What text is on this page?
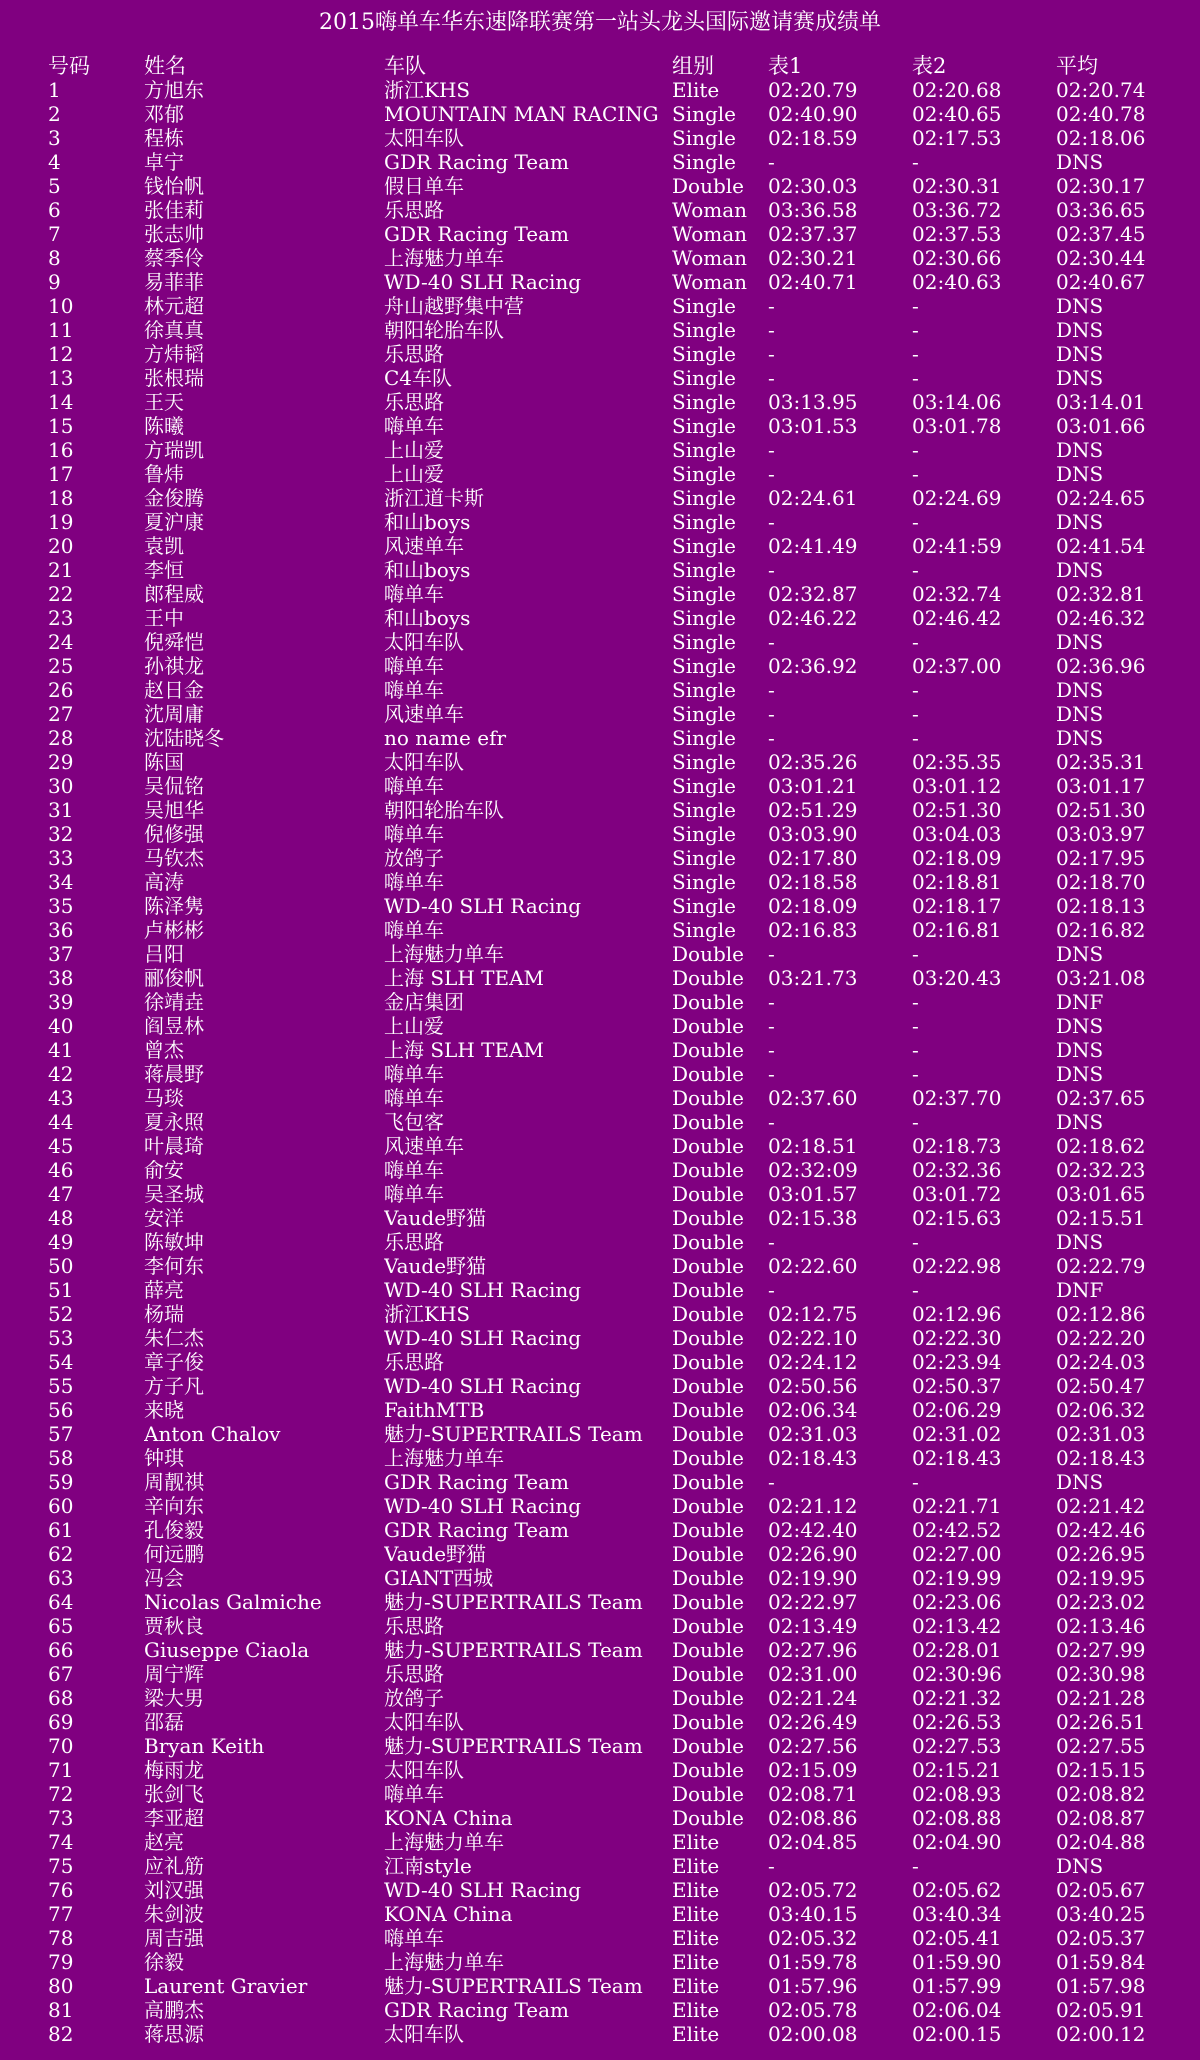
2015嗨单车华东速降联赛第一站头龙头国际邀请赛成绩单
号码	姓名	车队	组别	表1	表2	平均
1	方旭东	浙江KHS	Elite	02:20.79	02:20.68	02:20.74
2	邓郁	MOUNTAIN MAN RACING Single	02:40.90	02:40.65	02:40.78
3	程栋	太阳车队	Single	02:18.59	02:17.53	02:18.06
4	卓宁	GDR Racing Team	Single	-	-	DNS
5	钱怡帆	假日单车	Double	02:30.03	02:30.31	02:30.17
6	张佳莉	乐思路	Woman	03:36.58	03:36.72	03:36.65
7	张志帅	GDR Racing Team	Woman	02:37.37	02:37.53	02:37.45
8	蔡季伶	上海魅力单车	Woman	02:30.21	02:30.66	02:30.44
9	易菲菲	WD-40 SLH Racing	Woman	02:40.71	02:40.63	02:40.67
10	林元超	舟山越野集中营	Single	-	-	DNS
11	徐真真	朝阳轮胎车队	Single	-	-	DNS
12	方炜韬	乐思路	Single	-	-	DNS
13	张根瑞	C4车队	Single	-	-	DNS
14	王天	乐思路	Single	03:13.95	03:14.06	03:14.01
15	陈曦	嗨单车	Single	03:01.53	03:01.78	03:01.66
16	方瑞凯	上山爱	Single	-	-	DNS
17	鲁炜	上山爱	Single	-	-	DNS
18	金俊腾	浙江道卡斯	Single	02:24.61	02:24.69	02:24.65
19	夏沪康	和山boys	Single	-	-	DNS
20	袁凯	风速单车	Single	02:41.49	02:41:59	02:41.54
21	李恒	和山boys	Single	-	-	DNS
22	郎程威	嗨单车	Single	02:32.87	02:32.74	02:32.81
23	王中	和山boys	Single	02:46.22	02:46.42	02:46.32
24	倪舜恺	太阳车队	Single	-	-	DNS
25	孙祺龙	嗨单车	Single	02:36.92	02:37.00	02:36.96
26	赵日金	嗨单车	Single	-	-	DNS
27	沈周庸	风速单车	Single	-	-	DNS
28	沈陆晓冬	no name efr	Single	-	-	DNS
29	陈国	太阳车队	Single	02:35.26	02:35.35	02:35.31
30	吴侃铭	嗨单车	Single	03:01.21	03:01.12	03:01.17
31	吴旭华	朝阳轮胎车队	Single	02:51.29	02:51.30	02:51.30
32	倪修强	嗨单车	Single	03:03.90	03:04.03	03:03.97
33	马钦杰	放鸽子	Single	02:17.80	02:18.09	02:17.95
34	高涛	嗨单车	Single	02:18.58	02:18.81	02:18.70
35	陈泽隽	WD-40 SLH Racing	Single	02:18.09	02:18.17	02:18.13
36	卢彬彬	嗨单车	Single	02:16.83	02:16.81	02:16.82
37	吕阳	上海魅力单车	Double	-	-	DNS
38	郦俊帆	上海 SLH TEAM	Double	03:21.73	03:20.43	03:21.08
39	徐靖垚	金店集团	Double	-	-	DNF
40	阎昱林	上山爱	Double	-	-	DNS
41	曾杰	上海 SLH TEAM	Double	-	-	DNS
42	蒋晨野	嗨单车	Double	-	-	DNS
43	马琰	嗨单车	Double	02:37.60	02:37.70	02:37.65
44	夏永照	飞包客	Double	-	-	DNS
45	叶晨琦	风速单车	Double	02:18.51	02:18.73	02:18.62
46	俞安	嗨单车	Double	02:32:09	02:32.36	02:32.23
47	吴圣城	嗨单车	Double	03:01.57	03:01.72	03:01.65
48	安洋	Vaude野猫	Double	02:15.38	02:15.63	02:15.51
49	陈敏坤	乐思路	Double	-	-	DNS
50	李何东	Vaude野猫	Double	02:22.60	02:22.98	02:22.79
51	薛亮	WD-40 SLH Racing	Double	-	-	DNF
52	杨瑞	浙江KHS	Double	02:12.75	02:12.96	02:12.86
53	朱仁杰	WD-40 SLH Racing	Double	02:22.10	02:22.30	02:22.20
54	章子俊	乐思路	Double	02:24.12	02:23.94	02:24.03
55	方子凡	WD-40 SLH Racing	Double	02:50.56	02:50.37	02:50.47
56	来晓	FaithMTB	Double	02:06.34	02:06.29	02:06.32
57	Anton Chalov	魅力-SUPERTRAILS Team	Double	02:31.03	02:31.02	02:31.03
58	钟琪	上海魅力单车	Double	02:18.43	02:18.43	02:18.43
59	周靓祺	GDR Racing Team	Double	-	-	DNS
60	辛向东	WD-40 SLH Racing	Double	02:21.12	02:21.71	02:21.42
61	孔俊毅	GDR Racing Team	Double	02:42.40	02:42.52	02:42.46
62	何远鹏	Vaude野猫	Double	02:26.90	02:27.00	02:26.95
63	冯会	GIANT西城	Double	02:19.90	02:19.99	02:19.95
64	Nicolas Galmiche	魅力-SUPERTRAILS Team	Double	02:22.97	02:23.06	02:23.02
65	贾秋良	乐思路	Double	02:13.49	02:13.42	02:13.46
66	Giuseppe Ciaola	魅力-SUPERTRAILS Team	Double	02:27.96	02:28.01	02:27.99
67	周宁辉	乐思路	Double	02:31.00	02:30:96	02:30.98
68	梁大男	放鸽子	Double	02:21.24	02:21.32	02:21.28
69	邵磊	太阳车队	Double	02:26.49	02:26.53	02:26.51
70	Bryan Keith	魅力-SUPERTRAILS Team	Double	02:27.56	02:27.53	02:27.55
71	梅雨龙	太阳车队	Double	02:15.09	02:15.21	02:15.15
72	张剑飞	嗨单车	Double	02:08.71	02:08.93	02:08.82
73	李亚超	KONA China	Double	02:08.86	02:08.88	02:08.87
74	赵亮	上海魅力单车	Elite	02:04.85	02:04.90	02:04.88
75	应礼筋	江南style	Elite	-	-	DNS
76	刘汉强	WD-40 SLH Racing	Elite	02:05.72	02:05.62	02:05.67
77	朱剑波	KONA China	Elite	03:40.15	03:40.34	03:40.25
78	周吉强	嗨单车	Elite	02:05.32	02:05.41	02:05.37
79	徐毅	上海魅力单车	Elite	01:59.78	01:59.90	01:59.84
80	Laurent Gravier	魅力-SUPERTRAILS Team	Elite	01:57.96	01:57.99	01:57.98
81	高鹏杰	GDR Racing Team	Elite	02:05.78	02:06.04	02:05.91
82	蒋思源	太阳车队	Elite	02:00.08	02:00.15	02:00.12
